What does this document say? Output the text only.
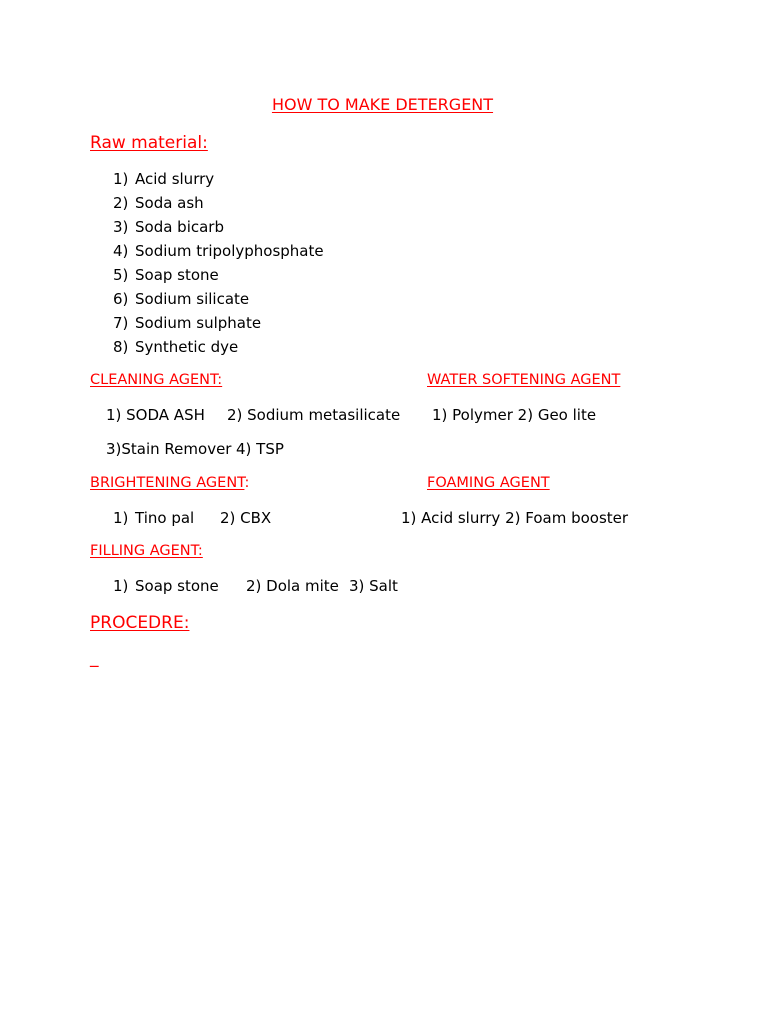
HOW TO MAKE DETERGENT
Raw material:
1) Acid slurry
2) Soda ash
3) Soda bicarb
4) Sodium tripolyphosphate
5) Soap stone
6) Sodium silicate
7) Sodium sulphate
8) Synthetic dye
CLEANING AGENT:	WATER SOFTENING AGENT
1) SODA ASH 2) Sodium metasilicate 1) Polymer 2) Geo lite
3)Stain Remover 4) TSP
BRIGHTENING AGENT:	FOAMING AGENT
1) Tino pal 2) CBX	1) Acid slurry 2) Foam booster
FILLING AGENT:
1) Soap stone 2) Dola mite 3) Salt
PROCEDRE:
_
